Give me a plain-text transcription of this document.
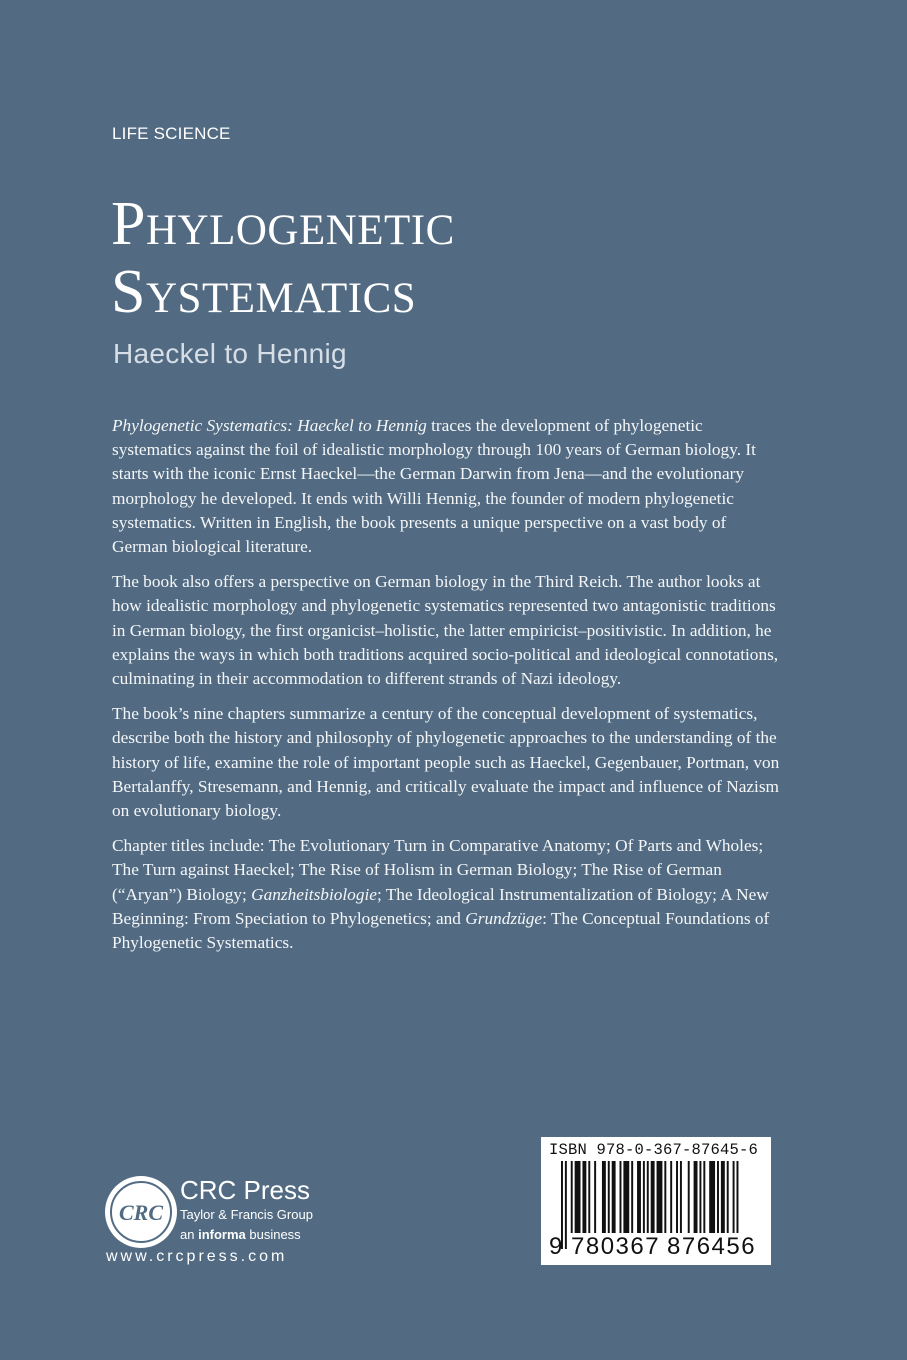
LIFE SCIENCE
Phylogenetic
Systematics
Haeckel to Hennig

Phylogenetic Systematics: Haeckel to Hennig traces the development of phylogenetic systematics against the foil of idealistic morphology through 100 years of German biology. It starts with the iconic Ernst Haeckel—the German Darwin from Jena—and the evolutionary morphology he developed. It ends with Willi Hennig, the founder of modern phylogenetic systematics. Written in English, the book presents a unique perspective on a vast body of German biological literature.

The book also offers a perspective on German biology in the Third Reich. The author looks at how idealistic morphology and phylogenetic systematics represented two antagonistic traditions in German biology, the first organicist–holistic, the latter empiricist–positivistic. In addition, he explains the ways in which both traditions acquired socio-political and ideological connotations, culminating in their accommodation to different strands of Nazi ideology.

The book’s nine chapters summarize a century of the conceptual development of systematics, describe both the history and philosophy of phylogenetic approaches to the understanding of the history of life, examine the role of important people such as Haeckel, Gegenbauer, Portman, von Bertalanffy, Stresemann, and Hennig, and critically evaluate the impact and influence of Nazism on evolutionary biology.

Chapter titles include: The Evolutionary Turn in Comparative Anatomy; Of Parts and Wholes; The Turn against Haeckel; The Rise of Holism in German Biology; The Rise of German (“Aryan”) Biology; Ganzheitsbiologie; The Ideological Instrumentalization of Biology; A New Beginning: From Speciation to Phylogenetics; and Grundzüge: The Conceptual Foundations of Phylogenetic Systematics.

CRC
CRC Press
Taylor & Francis Group
an informa business
www.crcpress.com
ISBN 978-0-367-87645-6
9 780367 876456
